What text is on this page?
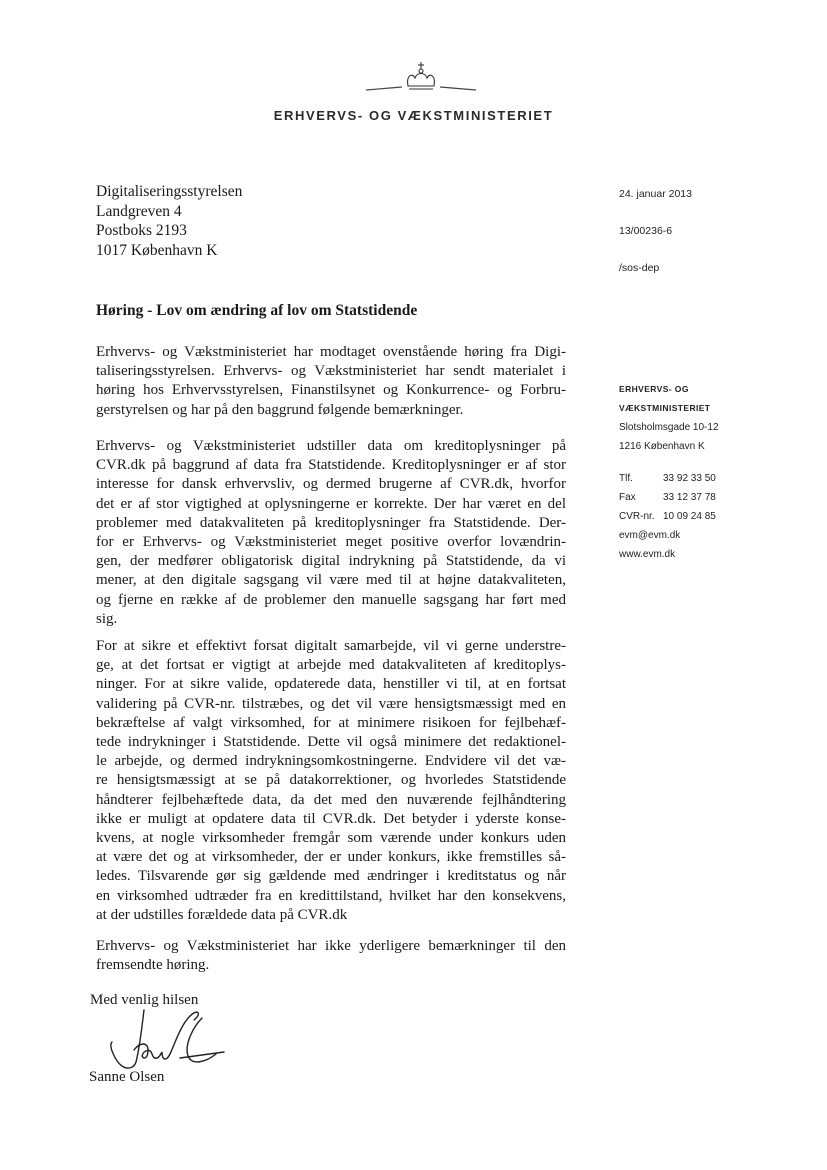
ERHVERVS- OG VÆKSTMINISTERIET
Digitaliseringsstyrelsen
Landgreven 4
Postboks 2193
1017 København K
24. januar 2013
13/00236-6
/sos-dep
Høring - Lov om ændring af lov om Statstidende
Erhvervs- og Vækstministeriet har modtaget ovenstående høring fra Digi-
taliseringsstyrelsen. Erhvervs- og Vækstministeriet har sendt materialet i
høring hos Erhvervsstyrelsen, Finanstilsynet og Konkurrence- og Forbru-
gerstyrelsen og har på den baggrund følgende bemærkninger.
Erhvervs- og Vækstministeriet udstiller data om kreditoplysninger på
CVR.dk på baggrund af data fra Statstidende. Kreditoplysninger er af stor
interesse for dansk erhvervsliv, og dermed brugerne af CVR.dk, hvorfor
det er af stor vigtighed at oplysningerne er korrekte. Der har været en del
problemer med datakvaliteten på kreditoplysninger fra Statstidende. Der-
for er Erhvervs- og Vækstministeriet meget positive overfor lovændrin-
gen, der medfører obligatorisk digital indrykning på Statstidende, da vi
mener, at den digitale sagsgang vil være med til at højne datakvaliteten,
og fjerne en række af de problemer den manuelle sagsgang har ført med
sig.
For at sikre et effektivt forsat digitalt samarbejde, vil vi gerne understre-
ge, at det fortsat er vigtigt at arbejde med datakvaliteten af kreditoplys-
ninger. For at sikre valide, opdaterede data, henstiller vi til, at en fortsat
validering på CVR-nr. tilstræbes, og det vil være hensigtsmæssigt med en
bekræftelse af valgt virksomhed, for at minimere risikoen for fejlbehæf-
tede indrykninger i Statstidende. Dette vil også minimere det redaktionel-
le arbejde, og dermed indrykningsomkostningerne. Endvidere vil det væ-
re hensigtsmæssigt at se på datakorrektioner, og hvorledes Statstidende
håndterer fejlbehæftede data, da det med den nuværende fejlhåndtering
ikke er muligt at opdatere data til CVR.dk. Det betyder i yderste konse-
kvens, at nogle virksomheder fremgår som værende under konkurs uden
at være det og at virksomheder, der er under konkurs, ikke fremstilles så-
ledes. Tilsvarende gør sig gældende med ændringer i kreditstatus og når
en virksomhed udtræder fra en kredittilstand, hvilket har den konsekvens,
at der udstilles forældede data på CVR.dk
Erhvervs- og Vækstministeriet har ikke yderligere bemærkninger til den
fremsendte høring.
ERHVERVS- OG
VÆKSTMINISTERIET
Slotsholmsgade 10-12
1216 København K
Tlf.	33 92 33 50
Fax	33 12 37 78
CVR-nr. 10 09 24 85
evm@evm.dk
www.evm.dk
Med venlig hilsen
Sanne Olsen
